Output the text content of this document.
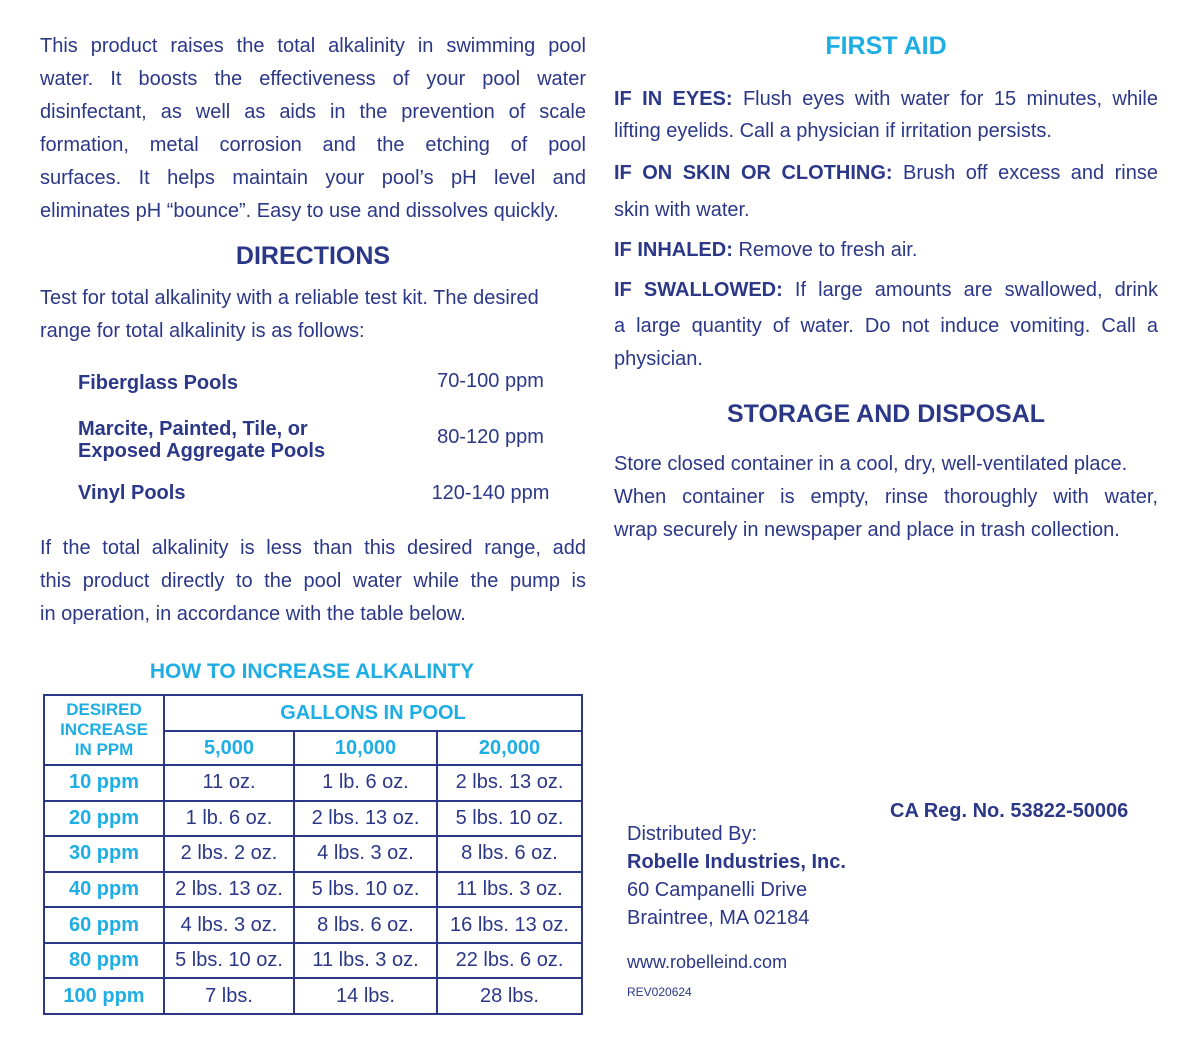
This product raises the total alkalinity in swimming pool
water. It boosts the effectiveness of your pool water
disinfectant, as well as aids in the prevention of scale
formation, metal corrosion and the etching of pool
surfaces. It helps maintain your pool’s pH level and
eliminates pH “bounce”. Easy to use and dissolves quickly.
DIRECTIONS
Test for total alkalinity with a reliable test kit. The desired
range for total alkalinity is as follows:
Fiberglass Pools	70-100 ppm
Marcite, Painted, Tile, or
Exposed Aggregate Pools
80-120 ppm
Vinyl Pools	120-140 ppm
If the total alkalinity is less than this desired range, add
this product directly to the pool water while the pump is
in operation, in accordance with the table below.
HOW TO INCREASE ALKALINTY
DESIRED
INCREASE
IN PPM	GALLONS IN POOL		
	5,000	10,000	20,000
10 ppm	11 oz.	1 lb. 6 oz.	2 lbs. 13 oz.
20 ppm	1 lb. 6 oz.	2 lbs. 13 oz.	5 lbs. 10 oz.
30 ppm	2 lbs. 2 oz.	4 lbs. 3 oz.	8 lbs. 6 oz.
40 ppm	2 lbs. 13 oz.	5 lbs. 10 oz.	11 lbs. 3 oz.
60 ppm	4 lbs. 3 oz.	8 lbs. 6 oz.	16 lbs. 13 oz.
80 ppm	5 lbs. 10 oz.	11 lbs. 3 oz.	22 lbs. 6 oz.
100 ppm	7 lbs.	14 lbs.	28 lbs.
FIRST AID

IF IN EYES: Flush eyes with water for 15 minutes, while

lifting eyelids. Call a physician if irritation persists.

IF ON SKIN OR CLOTHING: Brush off excess and rinse

skin with water.

IF INHALED: Remove to fresh air.

IF SWALLOWED: If large amounts are swallowed, drink

a large quantity of water. Do not induce vomiting. Call a

physician.

STORAGE AND DISPOSAL
Store closed container in a cool, dry, well-ventilated place.
When container is empty, rinse thoroughly with water,
wrap securely in newspaper and place in trash collection.
CA Reg. No. 53822-50006
Distributed By:
Robelle Industries, Inc.
60 Campanelli Drive
Braintree, MA 02184
www.robelleind.com
REV020624
